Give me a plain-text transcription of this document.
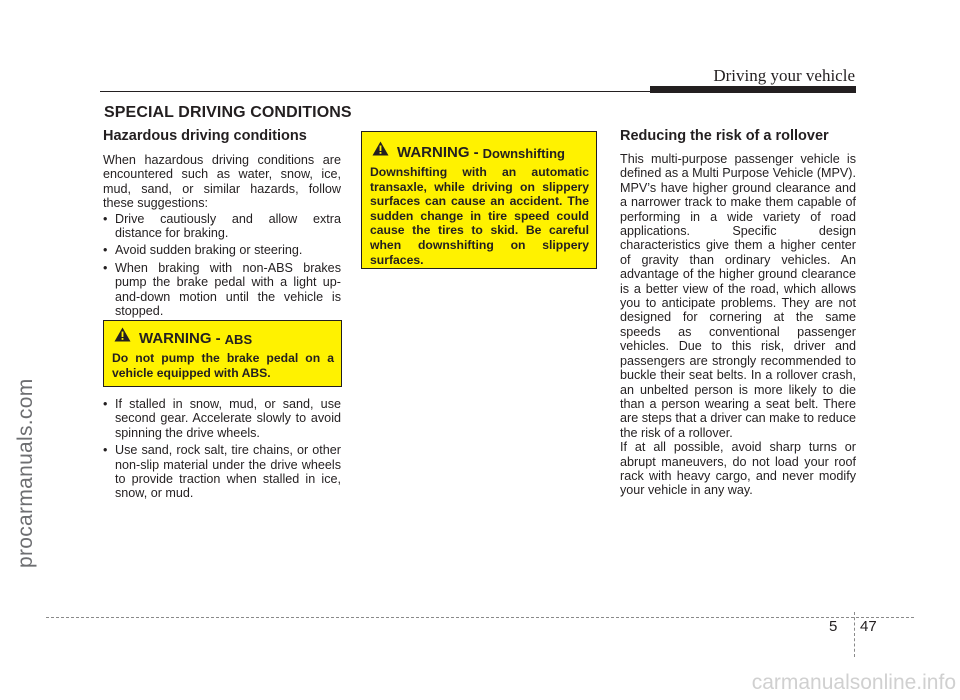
Driving your vehicle
SPECIAL DRIVING CONDITIONS
Hazardous driving conditions
When hazardous driving conditions are encountered such as water, snow, ice, mud, sand, or similar hazards, follow these suggestions:
• Drive cautiously and allow extra distance for braking.
• Avoid sudden braking or steering.
• When braking with non-ABS brakes pump the brake pedal with a light up-and-down motion until the vehicle is stopped.
WARNING - ABS
Do not pump the brake pedal on a vehicle equipped with ABS.
• If stalled in snow, mud, or sand, use second gear. Accelerate slowly to avoid spinning the drive wheels.
• Use sand, rock salt, tire chains, or other non-slip material under the drive wheels to provide traction when stalled in ice, snow, or mud.
WARNING - Downshifting
Downshifting with an automatic transaxle, while driving on slippery surfaces can cause an accident. The sudden change in tire speed could cause the tires to skid. Be careful when downshifting on slippery surfaces.
Reducing the risk of a rollover
This multi-purpose passenger vehicle is defined as a Multi Purpose Vehicle (MPV). MPV’s have higher ground clearance and a narrower track to make them capable of performing in a wide variety of road applications. Specific design characteristics give them a higher center of gravity than ordinary vehicles. An advantage of the higher ground clearance is a better view of the road, which allows you to anticipate problems. They are not designed for cornering at the same speeds as conventional passenger vehicles. Due to this risk, driver and passengers are strongly recommended to buckle their seat belts. In a rollover crash, an unbelted person is more likely to die than a person wearing a seat belt. There are steps that a driver can make to reduce the risk of a rollover.
If at all possible, avoid sharp turns or abrupt maneuvers, do not load your roof rack with heavy cargo, and never modify your vehicle in any way.
5 47
procarmanuals.com
carmanualsonline.info
